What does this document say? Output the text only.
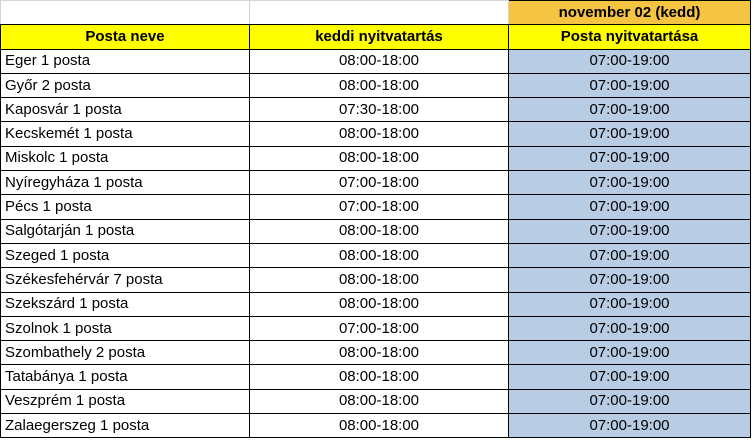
		november 02 (kedd)
Posta neve	keddi nyitvatartás	Posta nyitvatartása
Eger 1 posta	08:00-18:00	07:00-19:00
Győr 2 posta	08:00-18:00	07:00-19:00
Kaposvár 1 posta	07:30-18:00	07:00-19:00
Kecskemét 1 posta	08:00-18:00	07:00-19:00
Miskolc 1 posta	08:00-18:00	07:00-19:00
Nyíregyháza 1 posta	07:00-18:00	07:00-19:00
Pécs 1 posta	07:00-18:00	07:00-19:00
Salgótarján 1 posta	08:00-18:00	07:00-19:00
Szeged 1 posta	08:00-18:00	07:00-19:00
Székesfehérvár 7 posta	08:00-18:00	07:00-19:00
Szekszárd 1 posta	08:00-18:00	07:00-19:00
Szolnok 1 posta	07:00-18:00	07:00-19:00
Szombathely 2 posta	08:00-18:00	07:00-19:00
Tatabánya 1 posta	08:00-18:00	07:00-19:00
Veszprém 1 posta	08:00-18:00	07:00-19:00
Zalaegerszeg 1 posta	08:00-18:00	07:00-19:00
